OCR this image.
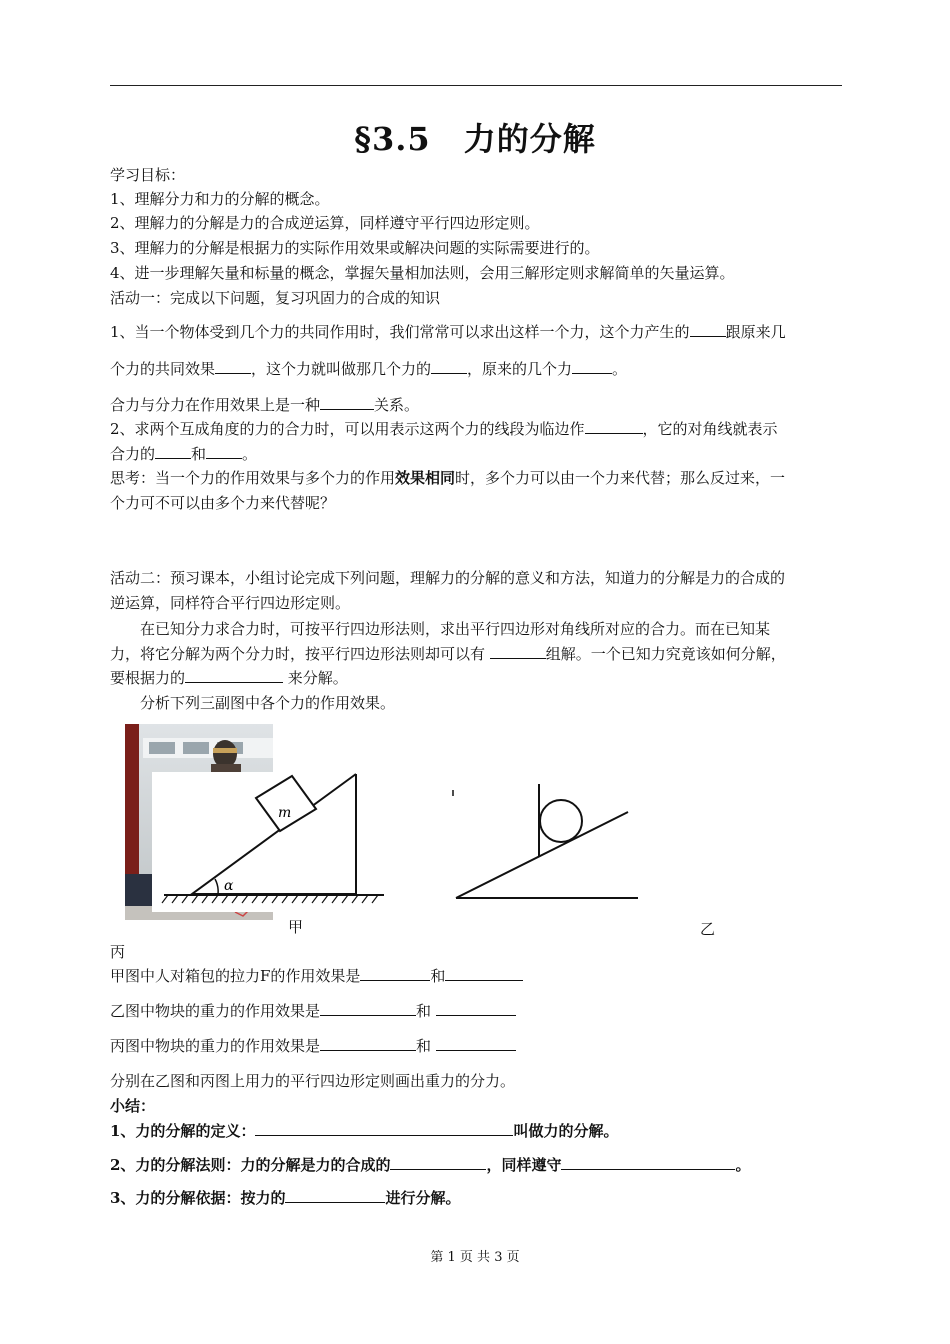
§3.5　力的分解
学习目标：
1、理解分力和力的分解的概念。
2、理解力的分解是力的合成逆运算，同样遵守平行四边形定则。
3、理解力的分解是根据力的实际作用效果或解决问题的实际需要进行的。
4、进一步理解矢量和标量的概念，掌握矢量相加法则，会用三解形定则求解简单的矢量运算。
活动一：完成以下问题，复习巩固力的合成的知识
1、当一个物体受到几个力的共同作用时，我们常常可以求出这样一个力，这个力产生的 跟原来几
个力的共同效果 ，这个力就叫做那几个力的 ，原来的几个力	。
合力与分力在作用效果上是一种	关系。
2、求两个互成角度的力的合力时，可以用表示这两个力的线段为临边作	，它的对角线就表示
合力的 和 。
思考：当一个力的作用效果与多个力的作用效果相同时，多个力可以由一个力来代替；那么反过来，一
个力可不可以由多个力来代替呢？
活动二：预习课本，小组讨论完成下列问题，理解力的分解的意义和方法，知道力的分解是力的合成的
逆运算，同样符合平行四边形定则。
在已知分力求合力时，可按平行四边形法则，求出平行四边形对角线所对应的合力。而在已知某
力，将它分解为两个分力时，按平行四边形法则却可以有	组解。一个已知力究竟该如何分解，
要根据力的	来分解。
分析下列三副图中各个力的作用效果。
m
α
甲	乙
丙
甲图中人对箱包的拉力F的作用效果是	和
乙图中物块的重力的作用效果是	和
丙图中物块的重力的作用效果是	和
分别在乙图和丙图上用力的平行四边形定则画出重力的分力。
小结：
1、力的分解的定义：	叫做力的分解。
2、力的分解法则：力的分解是力的合成的	，同样遵守	。
3、力的分解依据：按力的	进行分解。
第 1 页 共 3 页
